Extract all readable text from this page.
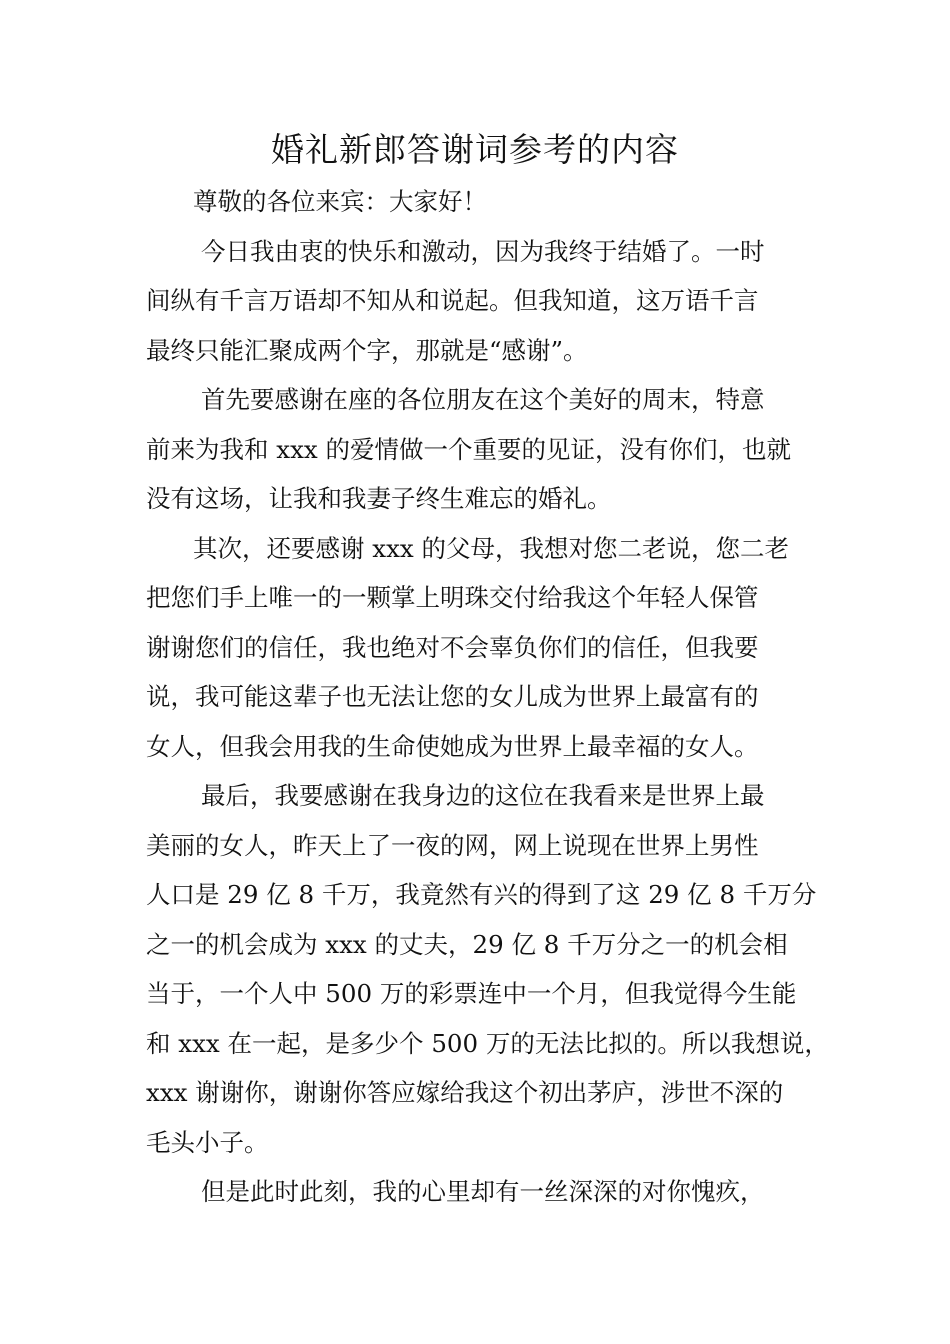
婚礼新郎答谢词参考的内容
尊敬的各位来宾：大家好！
今日我由衷的快乐和激动，因为我终于结婚了。一时
间纵有千言万语却不知从和说起。但我知道，这万语千言
最终只能汇聚成两个字，那就是“感谢”。
首先要感谢在座的各位朋友在这个美好的周末，特意
前来为我和 xxx 的爱情做一个重要的见证，没有你们，也就
没有这场，让我和我妻子终生难忘的婚礼。
其次，还要感谢 xxx 的父母，我想对您二老说，您二老
把您们手上唯一的一颗掌上明珠交付给我这个年轻人保管
谢谢您们的信任，我也绝对不会辜负你们的信任，但我要
说，我可能这辈子也无法让您的女儿成为世界上最富有的
女人，但我会用我的生命使她成为世界上最幸福的女人。
最后，我要感谢在我身边的这位在我看来是世界上最
美丽的女人，昨天上了一夜的网，网上说现在世界上男性
人口是 29 亿 8 千万，我竟然有兴的得到了这 29 亿 8 千万分
之一的机会成为 xxx 的丈夫，29 亿 8 千万分之一的机会相
当于，一个人中 500 万的彩票连中一个月，但我觉得今生能
和 xxx 在一起，是多少个 500 万的无法比拟的。所以我想说，
xxx 谢谢你，谢谢你答应嫁给我这个初出茅庐，涉世不深的
毛头小子。
但是此时此刻，我的心里却有一丝深深的对你愧疚，
